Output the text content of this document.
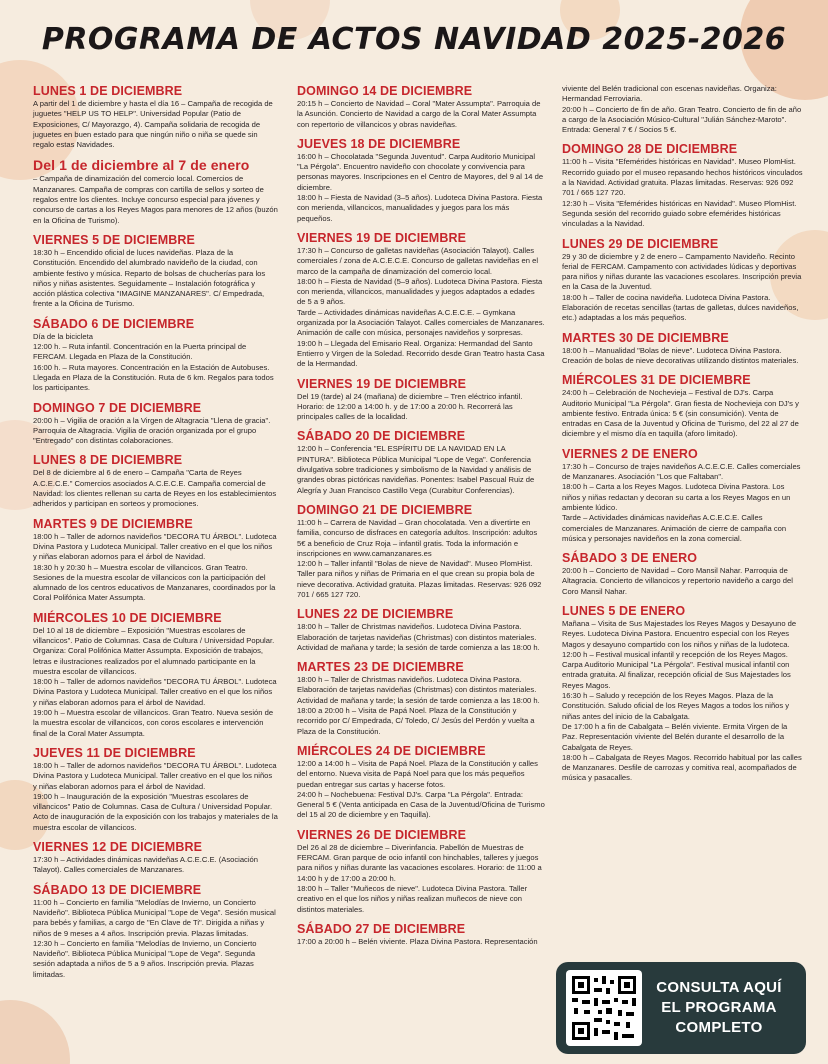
PROGRAMA DE ACTOS NAVIDAD 2025-2026
LUNES 1 DE DICIEMBRE

A partir del 1 de diciembre y hasta el día 16 – Campaña de recogida de juguetes "HELP US TO HELP". Universidad Popular (Patio de Exposiciones, C/ Mayorazgo, 4). Campaña solidaria de recogida de juguetes en buen estado para que ningún niño o niña se quede sin regalo estas Navidades.

Del 1 de diciembre al 7 de enero

– Campaña de dinamización del comercio local. Comercios de Manzanares. Campaña de compras con cartilla de sellos y sorteo de regalos entre los clientes. Incluye concurso especial para jóvenes y concurso de cartas a los Reyes Magos para menores de 12 años (buzón en la Oficina de Turismo).

VIERNES 5 DE DICIEMBRE

18:30 h – Encendido oficial de luces navideñas. Plaza de la Constitución. Encendido del alumbrado navideño de la ciudad, con ambiente festivo y música. Reparto de bolsas de chucherías para los niños y niñas asistentes. Seguidamente – Instalación fotográfica y acción plástica colectiva "IMAGINE MANZANARES". C/ Empedrada, frente a la Oficina de Turismo.

SÁBADO 6 DE DICIEMBRE

Día de la bicicleta

12:00 h. – Ruta infantil. Concentración en la Puerta principal de FERCAM. Llegada en Plaza de la Constitución.

16:00 h. – Ruta mayores. Concentración en la Estación de Autobuses. Llegada en Plaza de la Constitución. Ruta de 6 km. Regalos para todos los participantes.

DOMINGO 7 DE DICIEMBRE

20:00 h – Vigilia de oración a la Virgen de Altagracia "Llena de gracia". Parroquia de Altagracia. Vigilia de oración organizada por el grupo "Entregado" con distintas colaboraciones.

LUNES 8 DE DICIEMBRE

Del 8 de diciembre al 6 de enero – Campaña "Carta de Reyes A.C.E.C.E." Comercios asociados A.C.E.C.E. Campaña comercial de Navidad: los clientes rellenan su carta de Reyes en los establecimientos adheridos y participan en sorteos y promociones.

MARTES 9 DE DICIEMBRE

18:00 h – Taller de adornos navideños "DECORA TU ÁRBOL". Ludoteca Divina Pastora y Ludoteca Municipal. Taller creativo en el que los niños y niñas elaboran adornos para el árbol de Navidad.

18:30 h y 20:30 h – Muestra escolar de villancicos. Gran Teatro. Sesiones de la muestra escolar de villancicos con la participación del alumnado de los centros educativos de Manzanares, coordinados por la Coral Polifónica Mater Assumpta.

MIÉRCOLES 10 DE DICIEMBRE

Del 10 al 18 de diciembre – Exposición "Muestras escolares de villancicos". Patio de Columnas. Casa de Cultura / Universidad Popular. Organiza: Coral Polifónica Matter Assumpta. Exposición de trabajos, letras e ilustraciones realizados por el alumnado participante en la muestra escolar de villancicos.

18:00 h – Taller de adornos navideños "DECORA TU ÁRBOL". Ludoteca Divina Pastora y Ludoteca Municipal. Taller creativo en el que los niños y niñas elaboran adornos para el árbol de Navidad.

19:00 h – Muestra escolar de villancicos. Gran Teatro. Nueva sesión de la muestra escolar de villancicos, con coros escolares e intervención final de la Coral Mater Assumpta.

JUEVES 11 DE DICIEMBRE

18:00 h – Taller de adornos navideños "DECORA TU ÁRBOL". Ludoteca Divina Pastora y Ludoteca Municipal. Taller creativo en el que los niños y niñas elaboran adornos para el árbol de Navidad.

19:00 h – Inauguración de la exposición "Muestras escolares de villancicos" Patio de Columnas. Casa de Cultura / Universidad Popular. Acto de inauguración de la exposición con los trabajos y materiales de la muestra escolar de villancicos.

VIERNES 12 DE DICIEMBRE

17:30 h – Actividades dinámicas navideñas A.C.E.C.E. (Asociación Talayot). Calles comerciales de Manzanares.

SÁBADO 13 DE DICIEMBRE

11:00 h – Concierto en familia "Melodías de Invierno, un Concierto Navideño". Biblioteca Pública Municipal "Lope de Vega". Sesión musical para bebés y familias, a cargo de "En Clave de Ti". Dirigida a niñas y niños de 9 meses a 4 años. Inscripción previa. Plazas limitadas.

12:30 h – Concierto en familia "Melodías de Invierno, un Concierto Navideño". Biblioteca Pública Municipal "Lope de Vega". Segunda sesión adaptada a niños de 5 a 9 años. Inscripción previa. Plazas limitadas.

DOMINGO 14 DE DICIEMBRE

20:15 h – Concierto de Navidad – Coral "Mater Assumpta". Parroquia de la Asunción. Concierto de Navidad a cargo de la Coral Mater Assumpta con repertorio de villancicos y obras navideñas.

JUEVES 18 DE DICIEMBRE

16:00 h – Chocolatada "Segunda Juventud". Carpa Auditorio Municipal "La Pérgola". Encuentro navideño con chocolate y convivencia para personas mayores. Inscripciones en el Centro de Mayores, del 9 al 14 de diciembre.

18:00 h – Fiesta de Navidad (3–5 años). Ludoteca Divina Pastora. Fiesta con merienda, villancicos, manualidades y juegos para los más pequeños.

VIERNES 19 DE DICIEMBRE

17:30 h – Concurso de galletas navideñas (Asociación Talayot). Calles comerciales / zona de A.C.E.C.E. Concurso de galletas navideñas en el marco de la campaña de dinamización del comercio local.

18:00 h – Fiesta de Navidad (5–9 años). Ludoteca Divina Pastora. Fiesta con merienda, villancicos, manualidades y juegos adaptados a edades de 5 a 9 años.

Tarde – Actividades dinámicas navideñas A.C.E.C.E. – Gymkana organizada por la Asociación Talayot. Calles comerciales de Manzanares. Animación de calle con música, personajes navideños y sorpresas.

19:00 h – Llegada del Emisario Real. Organiza: Hermandad del Santo Entierro y Virgen de la Soledad. Recorrido desde Gran Teatro hasta Casa de la Hermandad.

VIERNES 19 DE DICIEMBRE

Del 19 (tarde) al 24 (mañana) de diciembre – Tren eléctrico infantil. Horario: de 12:00 a 14:00 h. y de 17:00 a 20:00 h. Recorrerá las principales calles de la localidad.

SÁBADO 20 DE DICIEMBRE

12:00 h – Conferencia "EL ESPÍRITU DE LA NAVIDAD EN LA PINTURA". Biblioteca Pública Municipal "Lope de Vega". Conferencia divulgativa sobre tradiciones y simbolismo de la Navidad y análisis de grandes obras pictóricas navideñas. Ponentes: Isabel Pascual Ruiz de Alegría y Juan Francisco Castillo Vega (Curabitur Conferencias).

DOMINGO 21 DE DICIEMBRE

11:00 h – Carrera de Navidad – Gran chocolatada. Ven a divertirte en familia, concurso de disfraces en categoría adultos. Inscripción: adultos 5€ a beneficio de Cruz Roja – infantil gratis. Toda la información e inscripciones en www.camanzanares.es

12:00 h – Taller infantil "Bolas de nieve de Navidad". Museo PlomHist. Taller para niños y niñas de Primaria en el que crean su propia bola de nieve decorativa. Actividad gratuita. Plazas limitadas. Reservas: 926 092 701 / 665 127 720.

LUNES 22 DE DICIEMBRE

18:00 h – Taller de Christmas navideños. Ludoteca Divina Pastora. Elaboración de tarjetas navideñas (Christmas) con distintos materiales. Actividad de mañana y tarde; la sesión de tarde comienza a las 18:00 h.

MARTES 23 DE DICIEMBRE

18:00 h – Taller de Christmas navideños. Ludoteca Divina Pastora. Elaboración de tarjetas navideñas (Christmas) con distintos materiales. Actividad de mañana y tarde; la sesión de tarde comienza a las 18:00 h.

18:00 a 20:00 h – Visita de Papá Noel. Plaza de la Constitución y recorrido por C/ Empedrada, C/ Toledo, C/ Jesús del Perdón y vuelta a Plaza de la Constitución.

MIÉRCOLES 24 DE DICIEMBRE

12:00 a 14:00 h – Visita de Papá Noel. Plaza de la Constitución y calles del entorno. Nueva visita de Papá Noel para que los más pequeños puedan entregar sus cartas y hacerse fotos.

24:00 h – Nochebuena: Festival DJ's. Carpa "La Pérgola". Entrada: General 5 € (Venta anticipada en Casa de la Juventud/Oficina de Turismo del 15 al 20 de diciembre y en Taquilla).

VIERNES 26 DE DICIEMBRE

Del 26 al 28 de diciembre – Diverinfancia. Pabellón de Muestras de FERCAM. Gran parque de ocio infantil con hinchables, talleres y juegos para niños y niñas durante las vacaciones escolares. Horario: de 11:00 a 14:00 h y de 17:00 a 20:00 h.

18:00 h – Taller "Muñecos de nieve". Ludoteca Divina Pastora. Taller creativo en el que los niños y niñas realizan muñecos de nieve con distintos materiales.

SÁBADO 27 DE DICIEMBRE

17:00 a 20:00 h – Belén viviente. Plaza Divina Pastora. Representación

viviente del Belén tradicional con escenas navideñas. Organiza: Hermandad Ferroviaria.

20:00 h – Concierto de fin de año. Gran Teatro. Concierto de fin de año a cargo de la Asociación Músico-Cultural "Julián Sánchez-Maroto". Entrada: General 7 € / Socios 5 €.

DOMINGO 28 DE DICIEMBRE

11:00 h – Visita "Efemérides históricas en Navidad". Museo PlomHist. Recorrido guiado por el museo repasando hechos históricos vinculados a la Navidad. Actividad gratuita. Plazas limitadas. Reservas: 926 092 701 / 665 127 720.

12:30 h – Visita "Efemérides históricas en Navidad". Museo PlomHist. Segunda sesión del recorrido guiado sobre efemérides históricas vinculadas a la Navidad.

LUNES 29 DE DICIEMBRE

29 y 30 de diciembre y 2 de enero – Campamento Navideño. Recinto ferial de FERCAM. Campamento con actividades lúdicas y deportivas para niños y niñas durante las vacaciones escolares. Inscripción previa en la Casa de la Juventud.

18:00 h – Taller de cocina navideña. Ludoteca Divina Pastora. Elaboración de recetas sencillas (tartas de galletas, dulces navideños, etc.) adaptadas a los más pequeños.

MARTES 30 DE DICIEMBRE

18:00 h – Manualidad "Bolas de nieve". Ludoteca Divina Pastora. Creación de bolas de nieve decorativas utilizando distintos materiales.

MIÉRCOLES 31 DE DICIEMBRE

24:00 h – Celebración de Nochevieja – Festival de DJ's. Carpa Auditorio Municipal "La Pérgola". Gran fiesta de Nochevieja con DJ's y ambiente festivo. Entrada única: 5 € (sin consumición). Venta de entradas en Casa de la Juventud y Oficina de Turismo, del 22 al 27 de diciembre y el mismo día en taquilla (aforo limitado).

VIERNES 2 DE ENERO

17:30 h – Concurso de trajes navideños A.C.E.C.E. Calles comerciales de Manzanares. Asociación "Los que Faltaban".

18:00 h – Carta a los Reyes Magos. Ludoteca Divina Pastora. Los niños y niñas redactan y decoran su carta a los Reyes Magos en un ambiente lúdico.

Tarde – Actividades dinámicas navideñas A.C.E.C.E. Calles comerciales de Manzanares. Animación de cierre de campaña con música y personajes navideños en la zona comercial.

SÁBADO 3 DE ENERO

20:00 h – Concierto de Navidad – Coro Mansil Nahar. Parroquia de Altagracia. Concierto de villancicos y repertorio navideño a cargo del Coro Mansil Nahar.

LUNES 5 DE ENERO

Mañana – Visita de Sus Majestades los Reyes Magos y Desayuno de Reyes. Ludoteca Divina Pastora. Encuentro especial con los Reyes Magos y desayuno compartido con los niños y niñas de la ludoteca.

12:00 h – Festival musical infantil y recepción de los Reyes Magos. Carpa Auditorio Municipal "La Pérgola". Festival musical infantil con entrada gratuita. Al finalizar, recepción oficial de Sus Majestades los Reyes Magos.

16:30 h – Saludo y recepción de los Reyes Magos. Plaza de la Constitución. Saludo oficial de los Reyes Magos a todos los niños y niñas antes del inicio de la Cabalgata.

De 17:00 h a fin de Cabalgata – Belén viviente. Ermita Virgen de la Paz. Representación viviente del Belén durante el desarrollo de la Cabalgata de Reyes.

18:00 h – Cabalgata de Reyes Magos. Recorrido habitual por las calles de Manzanares. Desfile de carrozas y comitiva real, acompañados de música y pasacalles.

CONSULTA AQUÍ
EL PROGRAMA
COMPLETO
